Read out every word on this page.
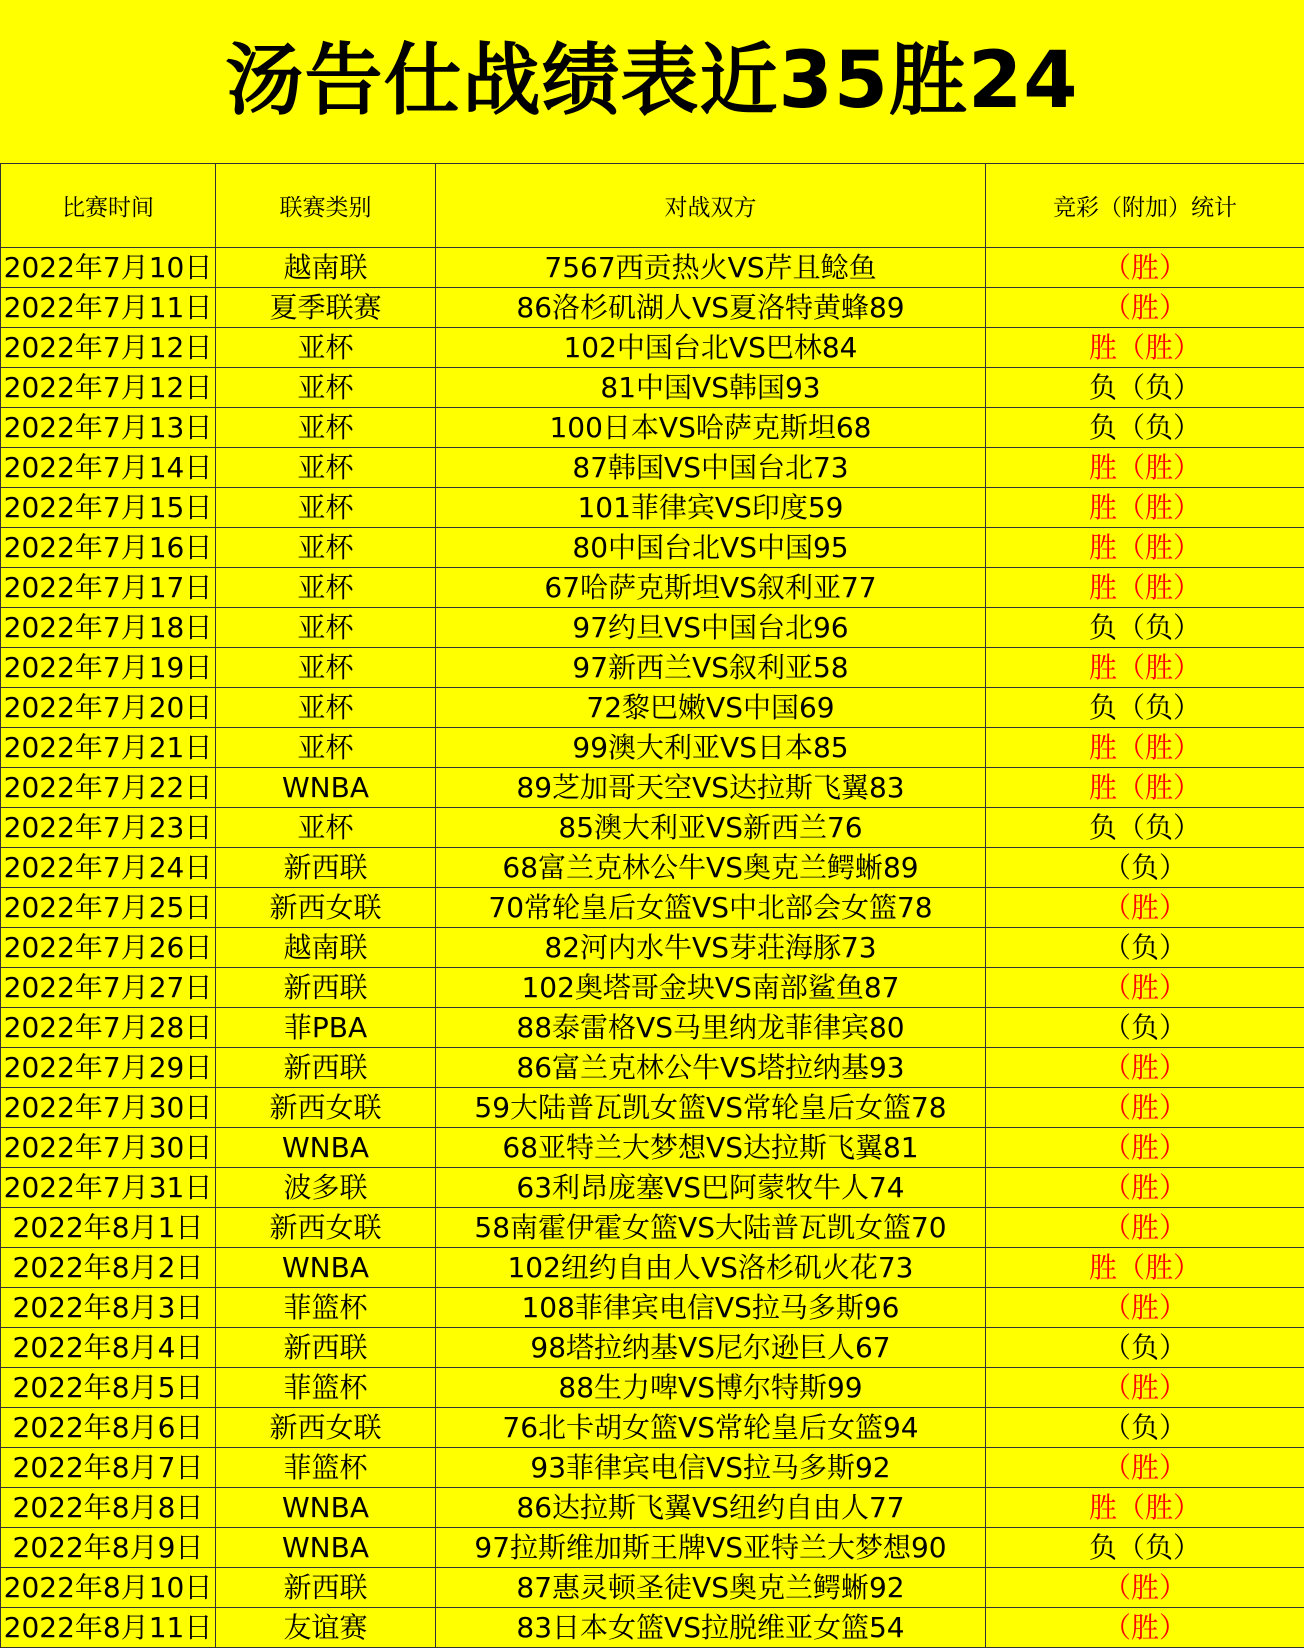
汤告仕战绩表近35胜24
比赛时间	联赛类别	对战双方	竞彩（附加）统计
2022年7月10日	越南联	7567西贡热火VS芹且鲶鱼	（胜）
2022年7月11日	夏季联赛	86洛杉矶湖人VS夏洛特黄蜂89	（胜）
2022年7月12日	亚杯	102中国台北VS巴林84	胜（胜）
2022年7月12日	亚杯	81中国VS韩国93	负（负）
2022年7月13日	亚杯	100日本VS哈萨克斯坦68	负（负）
2022年7月14日	亚杯	87韩国VS中国台北73	胜（胜）
2022年7月15日	亚杯	101菲律宾VS印度59	胜（胜）
2022年7月16日	亚杯	80中国台北VS中国95	胜（胜）
2022年7月17日	亚杯	67哈萨克斯坦VS叙利亚77	胜（胜）
2022年7月18日	亚杯	97约旦VS中国台北96	负（负）
2022年7月19日	亚杯	97新西兰VS叙利亚58	胜（胜）
2022年7月20日	亚杯	72黎巴嫩VS中国69	负（负）
2022年7月21日	亚杯	99澳大利亚VS日本85	胜（胜）
2022年7月22日	WNBA	89芝加哥天空VS达拉斯飞翼83	胜（胜）
2022年7月23日	亚杯	85澳大利亚VS新西兰76	负（负）
2022年7月24日	新西联	68富兰克林公牛VS奥克兰鳄蜥89	（负）
2022年7月25日	新西女联	70常轮皇后女篮VS中北部会女篮78	（胜）
2022年7月26日	越南联	82河内水牛VS芽荘海豚73	（负）
2022年7月27日	新西联	102奥塔哥金块VS南部鲨鱼87	（胜）
2022年7月28日	菲PBA	88泰雷格VS马里纳龙菲律宾80	（负）
2022年7月29日	新西联	86富兰克林公牛VS塔拉纳基93	（胜）
2022年7月30日	新西女联	59大陆普瓦凯女篮VS常轮皇后女篮78	（胜）
2022年7月30日	WNBA	68亚特兰大梦想VS达拉斯飞翼81	（胜）
2022年7月31日	波多联	63利昂庞塞VS巴阿蒙牧牛人74	（胜）
2022年8月1日	新西女联	58南霍伊霍女篮VS大陆普瓦凯女篮70	（胜）
2022年8月2日	WNBA	102纽约自由人VS洛杉矶火花73	胜（胜）
2022年8月3日	菲篮杯	108菲律宾电信VS拉马多斯96	（胜）
2022年8月4日	新西联	98塔拉纳基VS尼尔逊巨人67	（负）
2022年8月5日	菲篮杯	88生力啤VS博尔特斯99	（胜）
2022年8月6日	新西女联	76北卡胡女篮VS常轮皇后女篮94	（负）
2022年8月7日	菲篮杯	93菲律宾电信VS拉马多斯92	（胜）
2022年8月8日	WNBA	86达拉斯飞翼VS纽约自由人77	胜（胜）
2022年8月9日	WNBA	97拉斯维加斯王牌VS亚特兰大梦想90	负（负）
2022年8月10日	新西联	87惠灵顿圣徒VS奥克兰鳄蜥92	（胜）
2022年8月11日	友谊赛	83日本女篮VS拉脱维亚女篮54	（胜）
